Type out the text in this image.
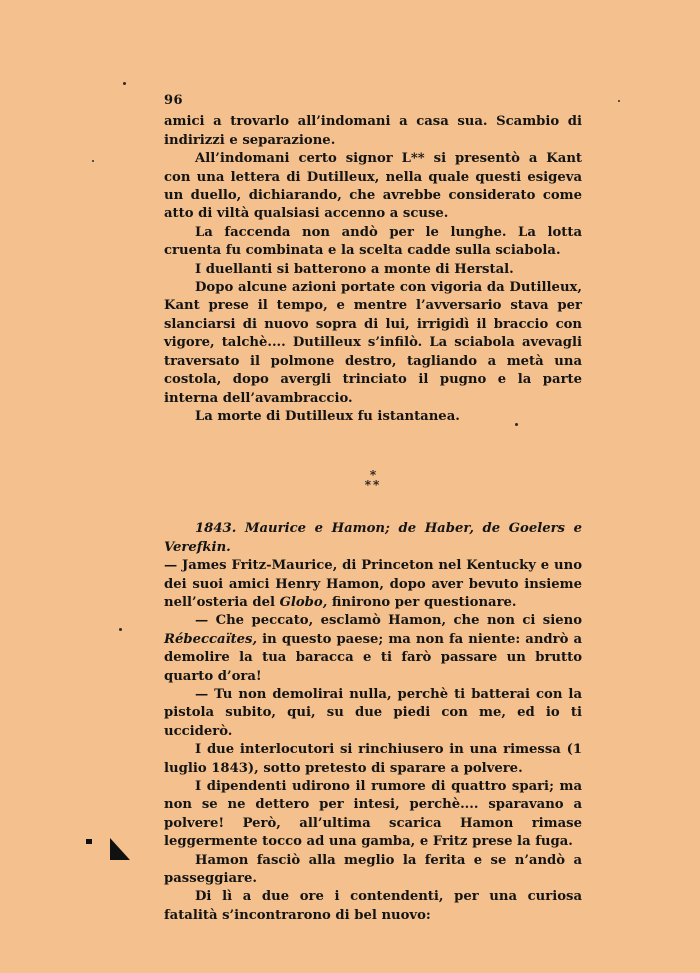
96

amici a trovarlo all’indomani a casa sua. Scambio di indirizzi e separazione.

All’indomani certo signor L** si presentò a Kant con una lettera di Dutilleux, nella quale questi esigeva un duello, dichiarando, che avrebbe considerato come atto di viltà qualsiasi accenno a scuse.

La faccenda non andò per le lunghe. La lotta cruenta fu combinata e la scelta cadde sulla sciabola.

I duellanti si batterono a monte di Herstal.

Dopo alcune azioni portate con vigoria da Dutilleux, Kant prese il tempo, e mentre l’avversario stava per slanciarsi di nuovo sopra di lui, irrigidì il braccio con vigore, talchè.... Dutilleux s’infilò. La sciabola avevagli traversato il polmone destro, tagliando a metà una costola, dopo avergli trinciato il pugno e la parte interna dell’avambraccio.

La morte di Dutilleux fu istantanea.

*
**

1843. Maurice e Hamon; de Haber, de Goelers e Verefkin.

— James Fritz-Maurice, di Princeton nel Kentucky e uno dei suoi amici Henry Hamon, dopo aver bevuto insieme nell’osteria del Globo, finirono per questionare.

— Che peccato, esclamò Hamon, che non ci sieno Rébeccaïtes, in questo paese; ma non fa niente: andrò a demolire la tua baracca e ti farò passare un brutto quarto d’ora!

— Tu non demolirai nulla, perchè ti batterai con la pistola subito, qui, su due piedi con me, ed io ti ucciderò.

I due interlocutori si rinchiusero in una rimessa (1 luglio 1843), sotto pretesto di sparare a polvere.

I dipendenti udirono il rumore di quattro spari; ma non se ne dettero per intesi, perchè.... sparavano a polvere! Però, all’ultima scarica Hamon rimase leggermente tocco ad una gamba, e Fritz prese la fuga.

Hamon fasciò alla meglio la ferita e se n’andò a passeggiare.

Di lì a due ore i contendenti, per una curiosa fatalità s’incontrarono di bel nuovo:
